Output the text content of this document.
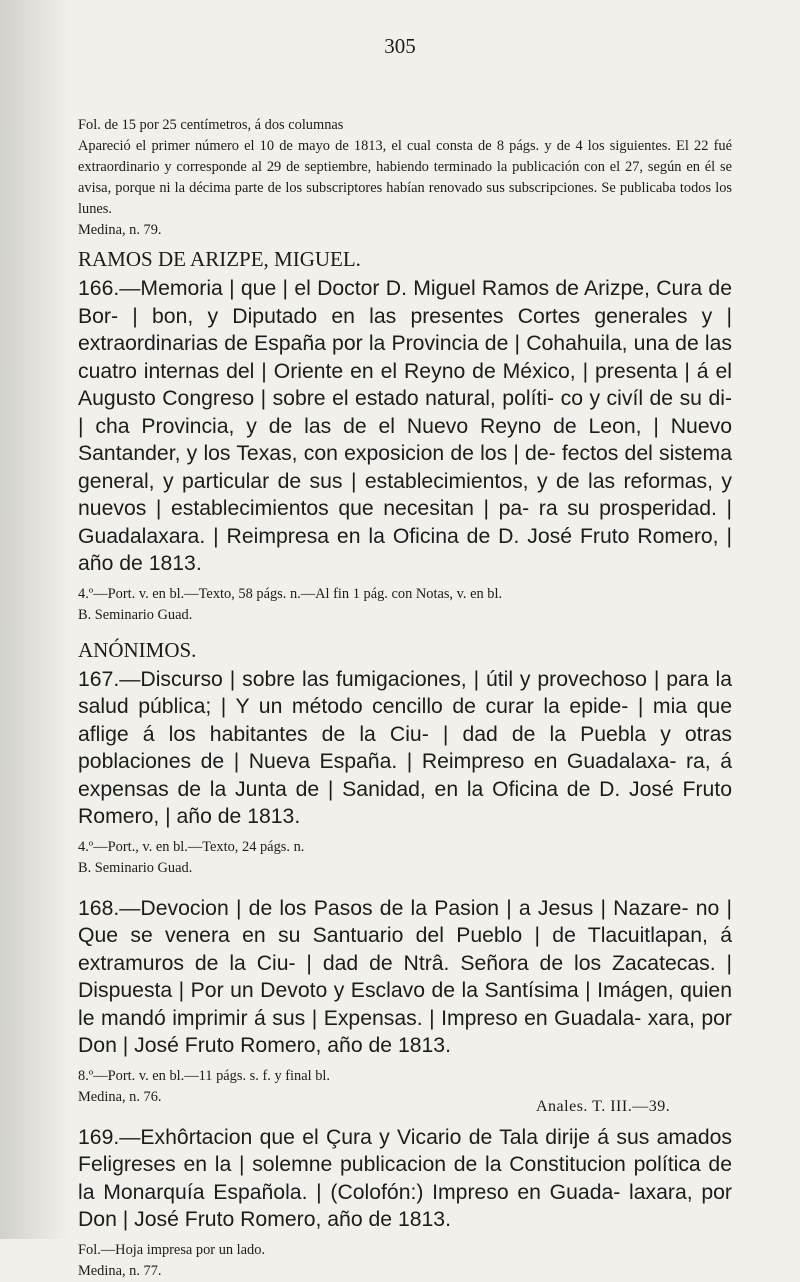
305

Fol. de 15 por 25 centímetros, á dos columnas

Apareció el primer número el 10 de mayo de 1813, el cual consta de 8 págs. y de 4 los siguientes. El 22 fué extraordinario y corresponde al 29 de septiembre, habiendo terminado la publicación con el 27, según en él se avisa, porque ni la décima parte de los subscriptores habían renovado sus subscripciones. Se publicaba todos los lunes.

Medina, n. 79.

RAMOS DE ARIZPE, MIGUEL.

166.—Memoria | que | el Doctor D. Miguel Ramos de Arizpe, Cura de Bor- | bon, y Diputado en las presentes Cortes generales y | extraordinarias de España por la Provincia de | Cohahuila, una de las cuatro internas del | Oriente en el Reyno de México, | presenta | á el Augusto Congreso | sobre el estado natural, políti- co y civíl de su di- | cha Provincia, y de las de el Nuevo Reyno de Leon, | Nuevo Santander, y los Texas, con exposicion de los | de- fectos del sistema general, y particular de sus | establecimientos, y de las reformas, y nuevos | establecimientos que necesitan | pa- ra su prosperidad. | Guadalaxara. | Reimpresa en la Oficina de D. José Fruto Romero, | año de 1813.

4.º—Port. v. en bl.—Texto, 58 págs. n.—Al fin 1 pág. con Notas, v. en bl.

B. Seminario Guad.

ANÓNIMOS.

167.—Discurso | sobre las fumigaciones, | útil y provechoso | para la salud pública; | Y un método cencillo de curar la epide- | mia que aflige á los habitantes de la Ciu- | dad de la Puebla y otras poblaciones de | Nueva España. | Reimpreso en Guadalaxa- ra, á expensas de la Junta de | Sanidad, en la Oficina de D. José Fruto Romero, | año de 1813.

4.º—Port., v. en bl.—Texto, 24 págs. n.

B. Seminario Guad.

168.—Devocion | de los Pasos de la Pasion | a Jesus | Nazare- no | Que se venera en su Santuario del Pueblo | de Tlacuitlapan, á extramuros de la Ciu- | dad de Ntrâ. Señora de los Zacatecas. | Dispuesta | Por un Devoto y Esclavo de la Santísima | Imágen, quien le mandó imprimir á sus | Expensas. | Impreso en Guadala- xara, por Don | José Fruto Romero, año de 1813.

8.º—Port. v. en bl.—11 págs. s. f. y final bl.

Medina, n. 76.

169.—Exhôrtacion que el Çura y Vicario de Tala dirije á sus amados Feligreses en la | solemne publicacion de la Constitucion política de la Monarquía Española. | (Colofón:) Impreso en Guada- laxara, por Don | José Fruto Romero, año de 1813.

Fol.—Hoja impresa por un lado.

Medina, n. 77.

Anales. T. III.—39.
